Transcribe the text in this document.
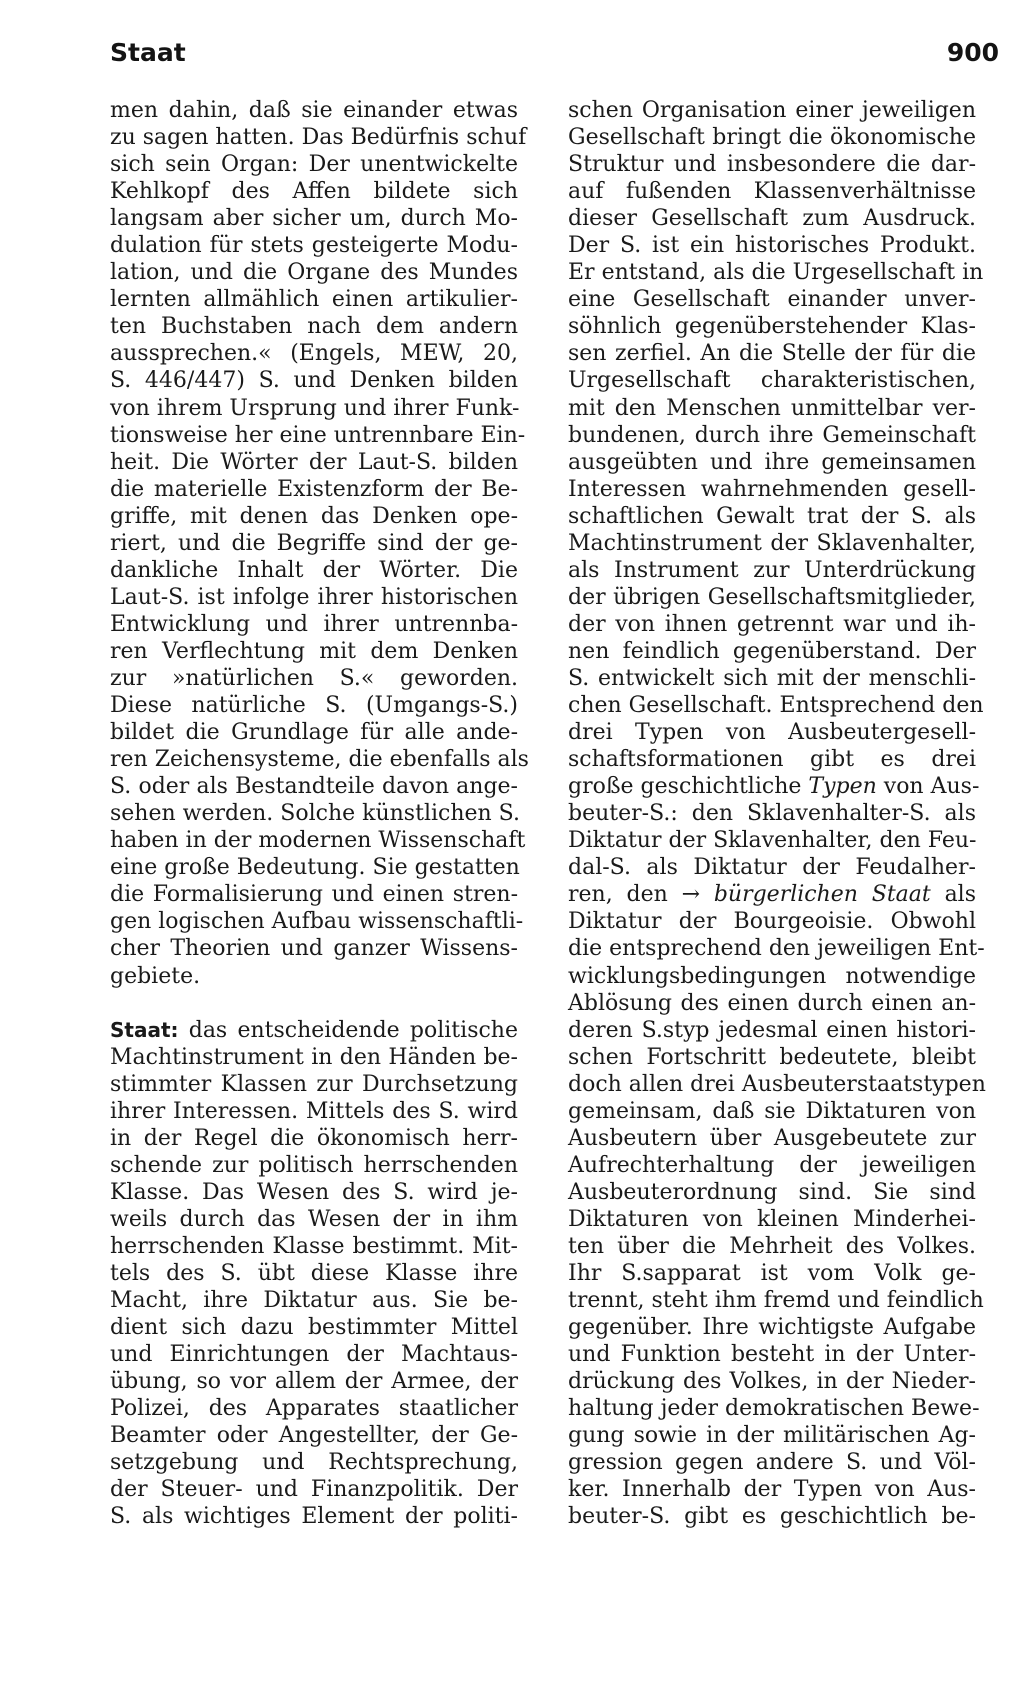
Staat	900
men dahin, daß sie einander etwas
zu sagen hatten. Das Bedürfnis schuf
sich sein Organ: Der unentwickelte
Kehlkopf des Affen bildete sich
langsam aber sicher um, durch Mo-
dulation für stets gesteigerte Modu-
lation, und die Organe des Mundes
lernten allmählich einen artikulier-
ten Buchstaben nach dem andern
aussprechen.« (Engels, MEW, 20,
S. 446/447) S. und Denken bilden
von ihrem Ursprung und ihrer Funk-
tionsweise her eine untrennbare Ein-
heit. Die Wörter der Laut-S. bilden
die materielle Existenzform der Be-
griffe, mit denen das Denken ope-
riert, und die Begriffe sind der ge-
dankliche Inhalt der Wörter. Die
Laut-S. ist infolge ihrer historischen
Entwicklung und ihrer untrennba-
ren Verflechtung mit dem Denken
zur »natürlichen S.« geworden.
Diese natürliche S. (Umgangs-S.)
bildet die Grundlage für alle ande-
ren Zeichensysteme, die ebenfalls als
S. oder als Bestandteile davon ange-
sehen werden. Solche künstlichen S.
haben in der modernen Wissenschaft
eine große Bedeutung. Sie gestatten
die Formalisierung und einen stren-
gen logischen Aufbau wissenschaftli-
cher Theorien und ganzer Wissens-
gebiete.
Staat: das entscheidende politische
Machtinstrument in den Händen be-
stimmter Klassen zur Durchsetzung
ihrer Interessen. Mittels des S. wird
in der Regel die ökonomisch herr-
schende zur politisch herrschenden
Klasse. Das Wesen des S. wird je-
weils durch das Wesen der in ihm
herrschenden Klasse bestimmt. Mit-
tels des S. übt diese Klasse ihre
Macht, ihre Diktatur aus. Sie be-
dient sich dazu bestimmter Mittel
und Einrichtungen der Machtaus-
übung, so vor allem der Armee, der
Polizei, des Apparates staatlicher
Beamter oder Angestellter, der Ge-
setzgebung und Rechtsprechung,
der Steuer- und Finanzpolitik. Der
S. als wichtiges Element der politi-
schen Organisation einer jeweiligen
Gesellschaft bringt die ökonomische
Struktur und insbesondere die dar-
auf fußenden Klassenverhältnisse
dieser Gesellschaft zum Ausdruck.
Der S. ist ein historisches Produkt.
Er entstand, als die Urgesellschaft in
eine Gesellschaft einander unver-
söhnlich gegenüberstehender Klas-
sen zerfiel. An die Stelle der für die
Urgesellschaft charakteristischen,
mit den Menschen unmittelbar ver-
bundenen, durch ihre Gemeinschaft
ausgeübten und ihre gemeinsamen
Interessen wahrnehmenden gesell-
schaftlichen Gewalt trat der S. als
Machtinstrument der Sklavenhalter,
als Instrument zur Unterdrückung
der übrigen Gesellschaftsmitglieder,
der von ihnen getrennt war und ih-
nen feindlich gegenüberstand. Der
S. entwickelt sich mit der menschli-
chen Gesellschaft. Entsprechend den
drei Typen von Ausbeutergesell-
schaftsformationen gibt es drei
große geschichtliche Typen von Aus-
beuter-S.: den Sklavenhalter-S. als
Diktatur der Sklavenhalter, den Feu-
dal-S. als Diktatur der Feudalher-
ren, den → bürgerlichen Staat als
Diktatur der Bourgeoisie. Obwohl
die entsprechend den jeweiligen Ent-
wicklungsbedingungen notwendige
Ablösung des einen durch einen an-
deren S.styp jedesmal einen histori-
schen Fortschritt bedeutete, bleibt
doch allen drei Ausbeuterstaatstypen
gemeinsam, daß sie Diktaturen von
Ausbeutern über Ausgebeutete zur
Aufrechterhaltung der jeweiligen
Ausbeuterordnung sind. Sie sind
Diktaturen von kleinen Minderhei-
ten über die Mehrheit des Volkes.
Ihr S.sapparat ist vom Volk ge-
trennt, steht ihm fremd und feindlich
gegenüber. Ihre wichtigste Aufgabe
und Funktion besteht in der Unter-
drückung des Volkes, in der Nieder-
haltung jeder demokratischen Bewe-
gung sowie in der militärischen Ag-
gression gegen andere S. und Völ-
ker. Innerhalb der Typen von Aus-
beuter-S. gibt es geschichtlich be-
